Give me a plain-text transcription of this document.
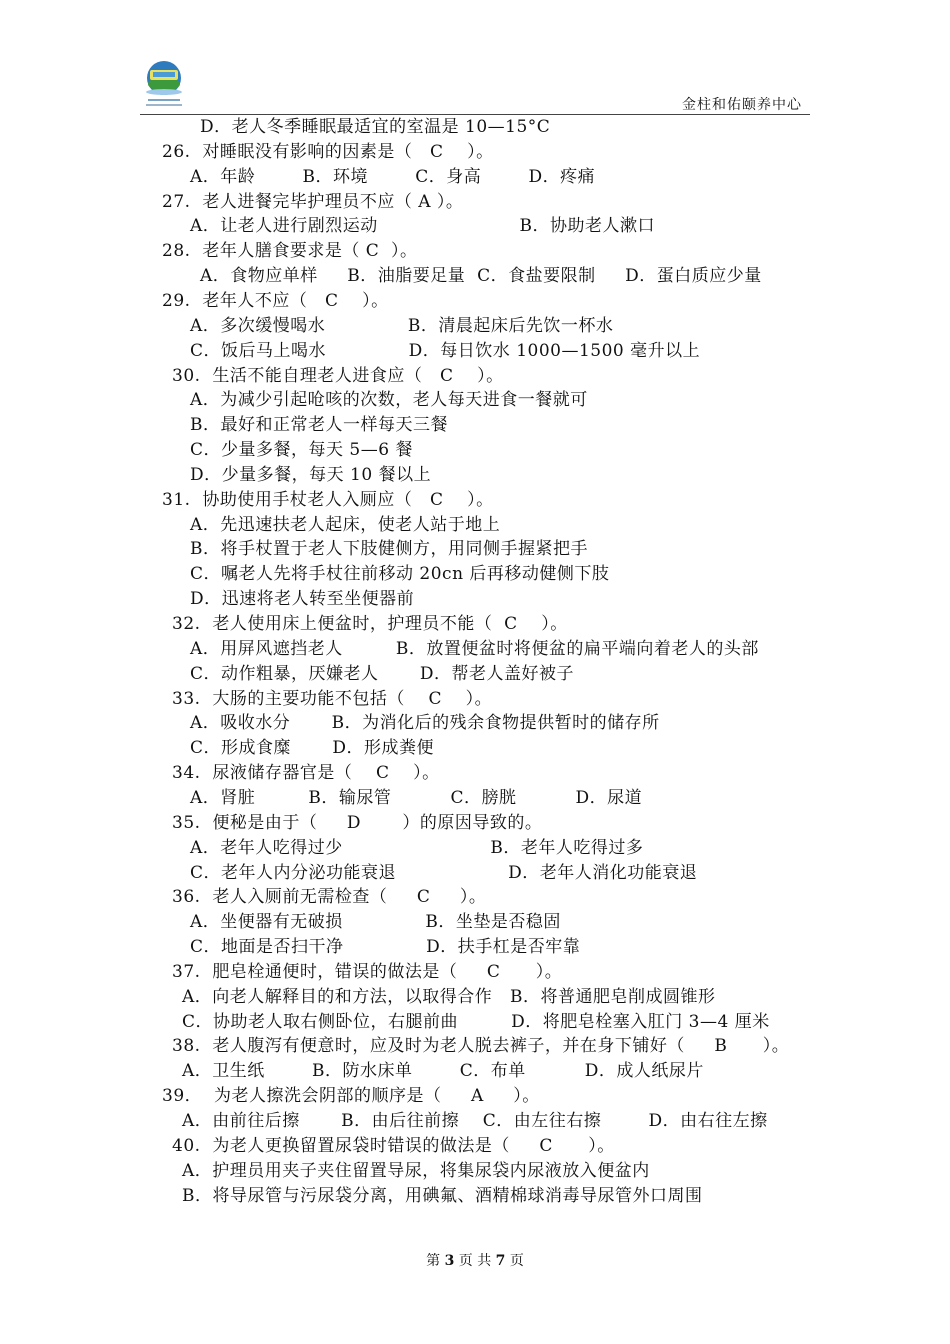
金柱和佑颐养中心
D．老人冬季睡眠最适宜的室温是 10—15°C
26.  对睡眠没有影响的因素是（   C    ）。
A．年龄        B．环境        C．身高        D．疼痛
27.  老人进餐完毕护理员不应（ A ）。
A．让老人进行剧烈运动                        B．协助老人漱口
28.  老年人膳食要求是（ C  ）。
A．食物应单样     B．油脂要足量  C．食盐要限制     D．蛋白质应少量
29.  老年人不应（   C    ）。
A．多次缓慢喝水              B．清晨起床后先饮一杯水
C．饭后马上喝水              D．每日饮水 1000—1500 毫升以上
30.  生活不能自理老人进食应（   C    ）。
A．为减少引起呛咳的次数，老人每天进食一餐就可
B．最好和正常老人一样每天三餐
C．少量多餐，每天 5—6 餐
D．少量多餐，每天 10 餐以上
31.  协助使用手杖老人入厕应（   C    ）。
A．先迅速扶老人起床，使老人站于地上
B．将手杖置于老人下肢健侧方，用同侧手握紧把手
C．嘱老人先将手杖往前移动 20cn 后再移动健侧下肢
D．迅速将老人转至坐便器前
32.  老人使用床上便盆时，护理员不能（  C    ）。
A．用屏风遮挡老人         B．放置便盆时将便盆的扁平端向着老人的头部
C．动作粗暴，厌嫌老人       D．帮老人盖好被子
33.  大肠的主要功能不包括（    C    ）。
A．吸收水分       B．为消化后的残余食物提供暂时的储存所
C．形成食糜       D．形成粪便
34.  尿液储存器官是（    C    ）。
A．肾脏         B．输尿管          C．膀胱          D．尿道
35.  便秘是由于（     D       ）的原因导致的。
A．老年人吃得过少                         B．老年人吃得过多
C．老年人内分泌功能衰退                   D．老年人消化功能衰退
36.  老人入厕前无需检查（     C     ）。
A．坐便器有无破损              B．坐垫是否稳固
C．地面是否扫干净              D．扶手杠是否牢靠
37.  肥皂栓通便时，错误的做法是（     C      ）。
A．向老人解释目的和方法，以取得合作   B．将普通肥皂削成圆锥形
C．协助老人取右侧卧位，右腿前曲         D．将肥皂栓塞入肛门 3—4 厘米
38.  老人腹泻有便意时，应及时为老人脱去裤子，并在身下铺好（     B      ）。
A．卫生纸        B．防水床单        C．布单          D．成人纸尿片
39．  为老人擦洗会阴部的顺序是（     A     ）。
A．由前往后擦       B．由后往前擦    C．由左往右擦        D．由右往左擦
40.  为老人更换留置尿袋时错误的做法是（     C      ）。
A．护理员用夹子夹住留置导尿，将集尿袋内尿液放入便盆内
B．将导尿管与污尿袋分离，用碘氟、酒精棉球消毒导尿管外口周围
第 3 页 共 7 页
